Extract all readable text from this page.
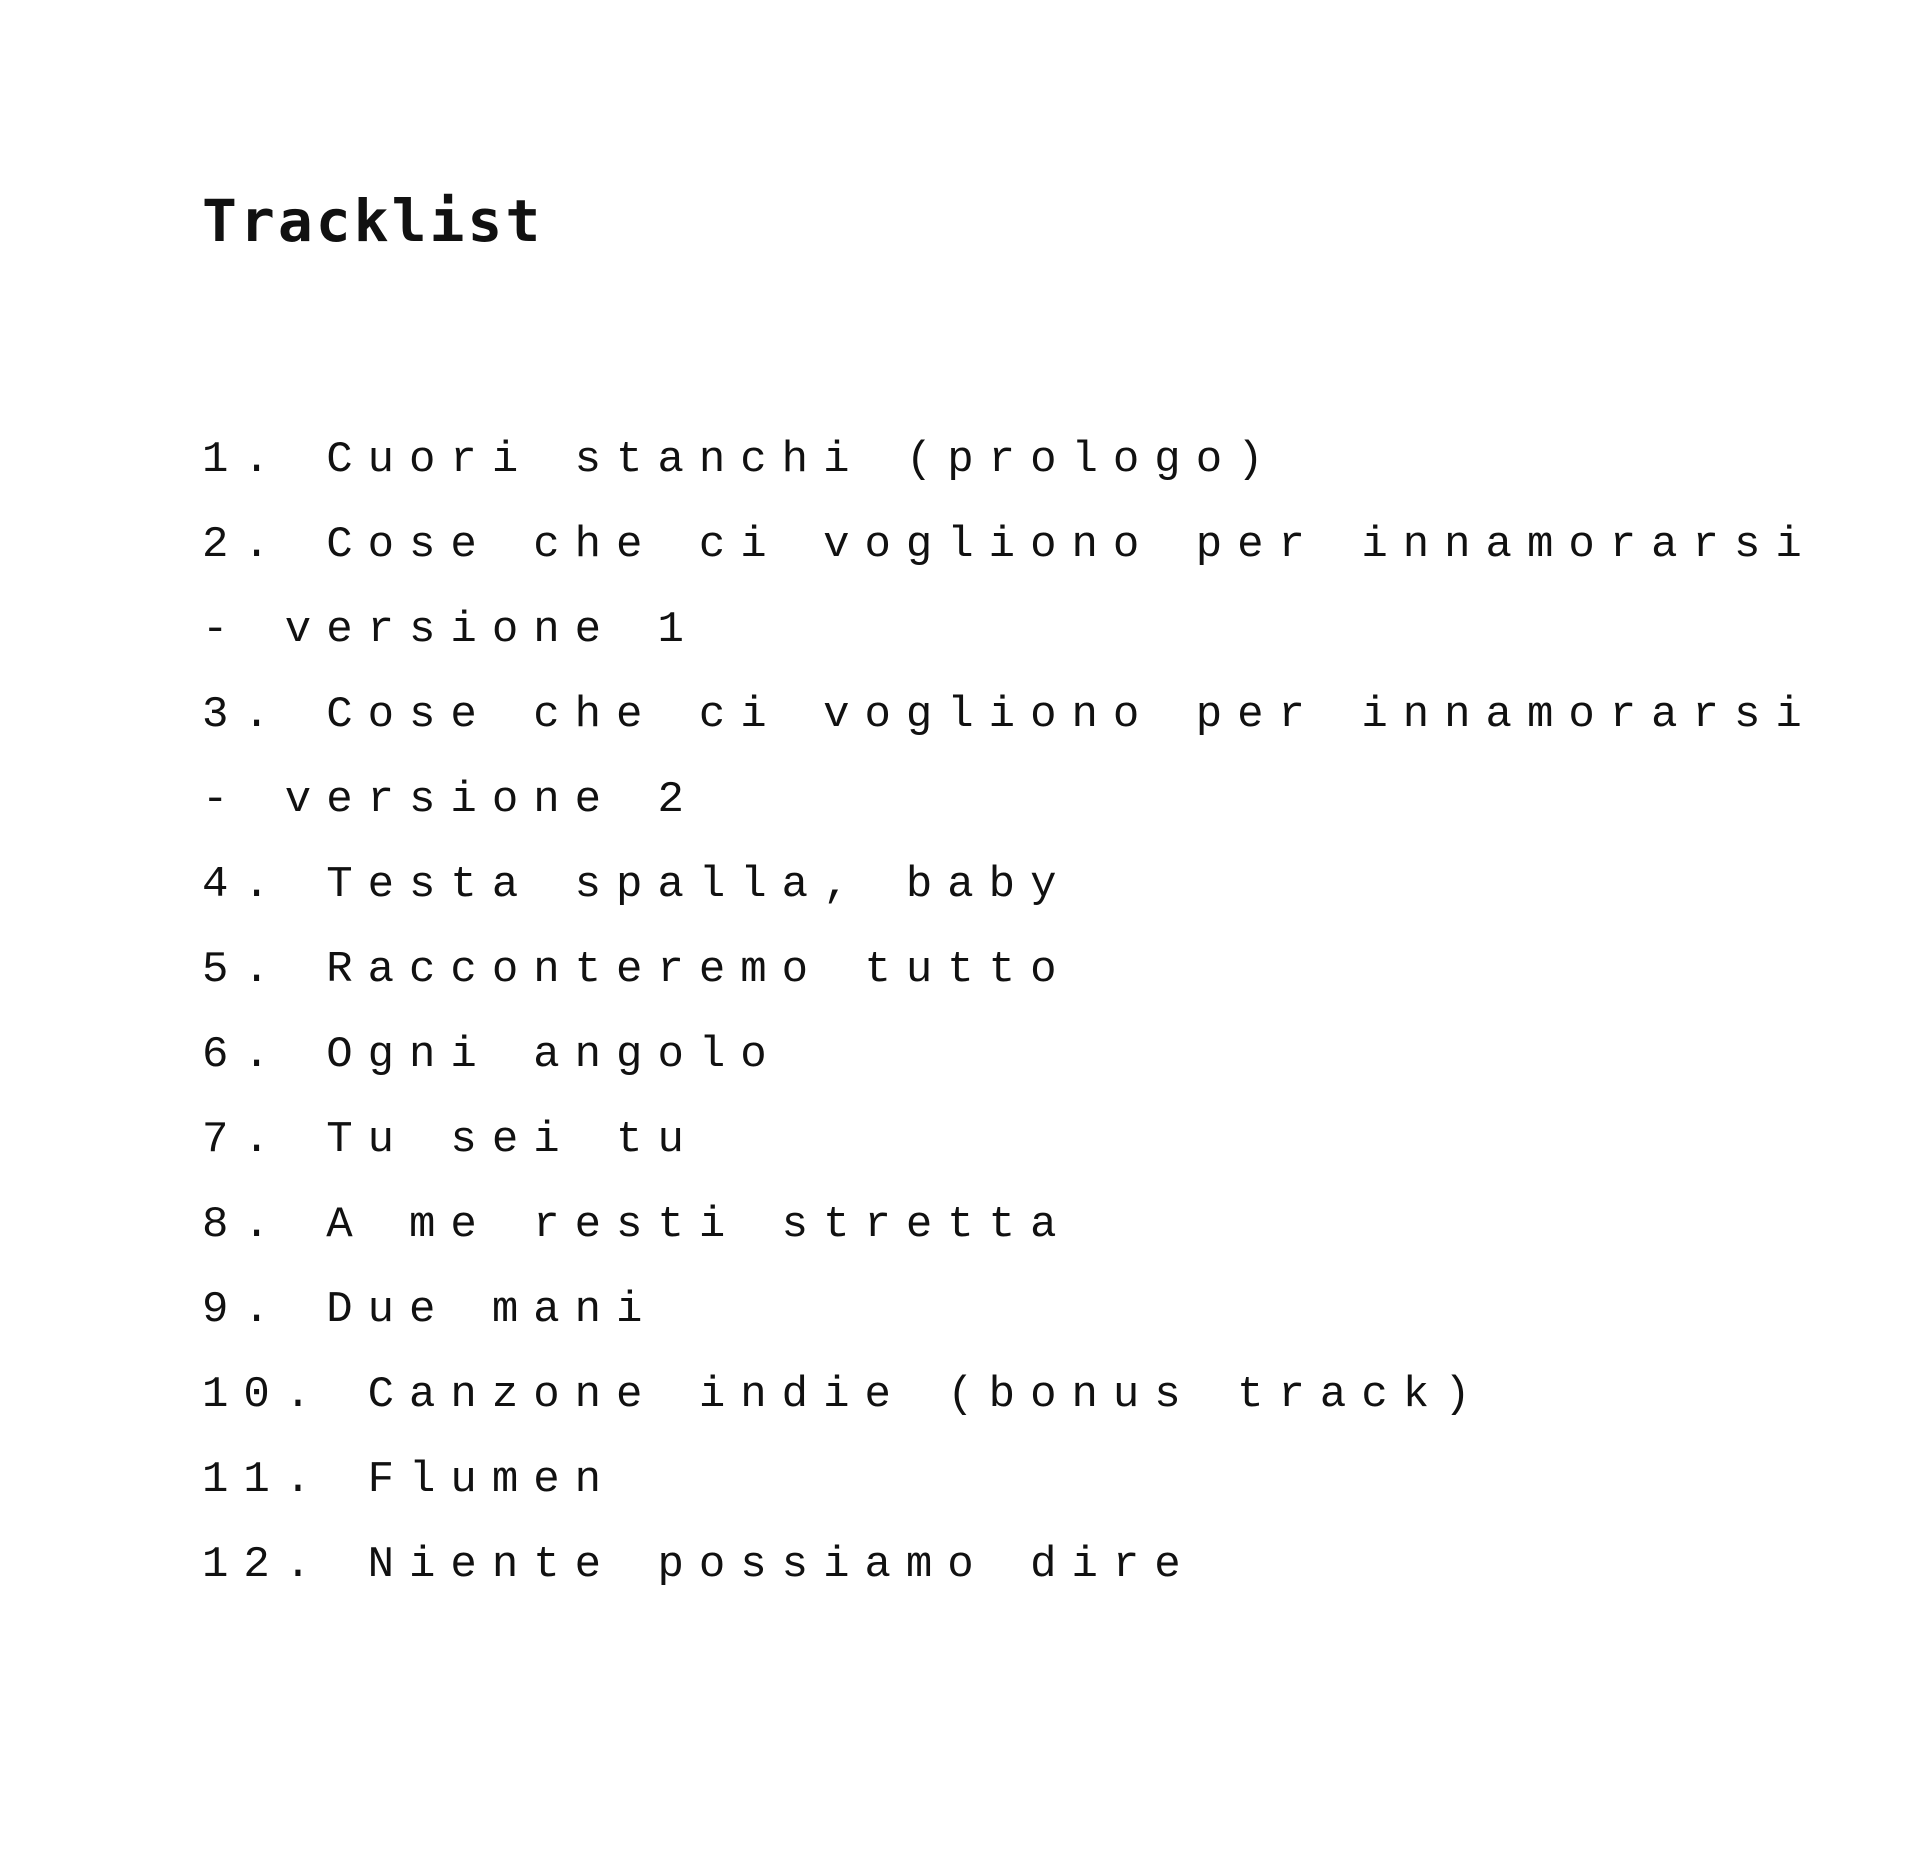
Tracklist
1. Cuori stanchi (prologo)
2. Cose che ci vogliono per innamorarsi
- versione 1
3. Cose che ci vogliono per innamorarsi
- versione 2
4. Testa spalla, baby
5. Racconteremo tutto
6. Ogni angolo
7. Tu sei tu
8. A me resti stretta
9. Due mani
10. Canzone indie (bonus track)
11. Flumen
12. Niente possiamo dire
